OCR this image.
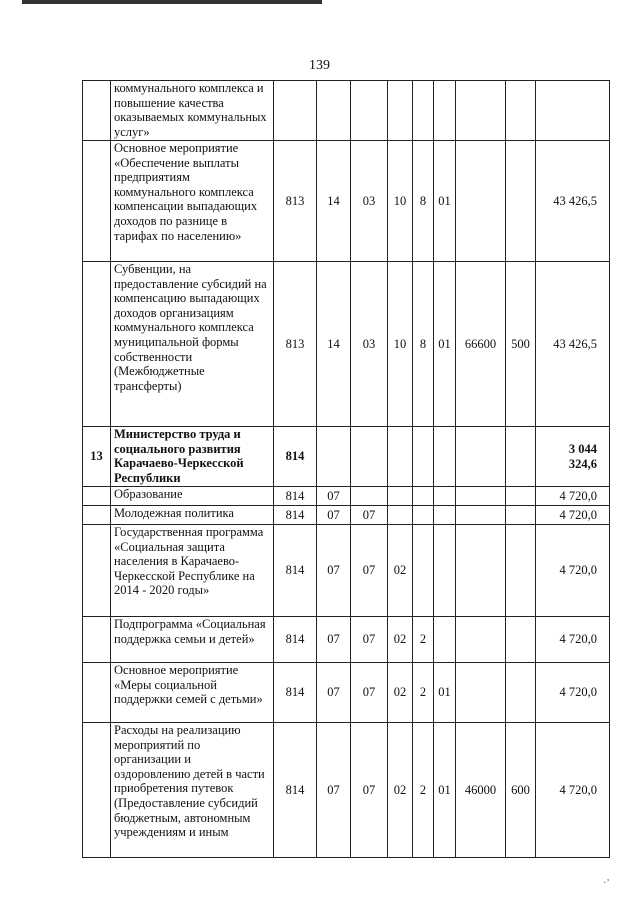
139
	коммунального комплекса и повышение качества оказываемых коммунальных услуг»									
	Основное мероприятие «Обеспечение выплаты предприятиям коммунального комплекса компенсации выпадающих доходов по разнице в тарифах по населению»	813	14	03	10	8	01			43 426,5
	Субвенции, на предоставление субсидий на компенсацию выпадающих доходов организациям коммунального комплекса муниципальной формы собственности (Межбюджетные трансферты)	813	14	03	10	8	01	66600	500	43 426,5
13	Министерство труда и социального развития Карачаево-Черкесской Республики	814								3 044 324,6
	Образование	814	07							4 720,0
	Молодежная политика	814	07	07						4 720,0
	Государственная программа «Социальная защита населения в Карачаево-Черкесской Республике на 2014 - 2020 годы»	814	07	07	02					4 720,0
	Подпрограмма «Социальная поддержка семьи и детей»	814	07	07	02	2				4 720,0
	Основное мероприятие «Меры социальной поддержки семей с детьми»	814	07	07	02	2	01			4 720,0
	Расходы на реализацию мероприятий по организации и оздоровлению детей в части приобретения путевок (Предоставление субсидий бюджетным, автономным учреждениям и иным	814	07	07	02	2	01	46000	600	4 720,0
·’
